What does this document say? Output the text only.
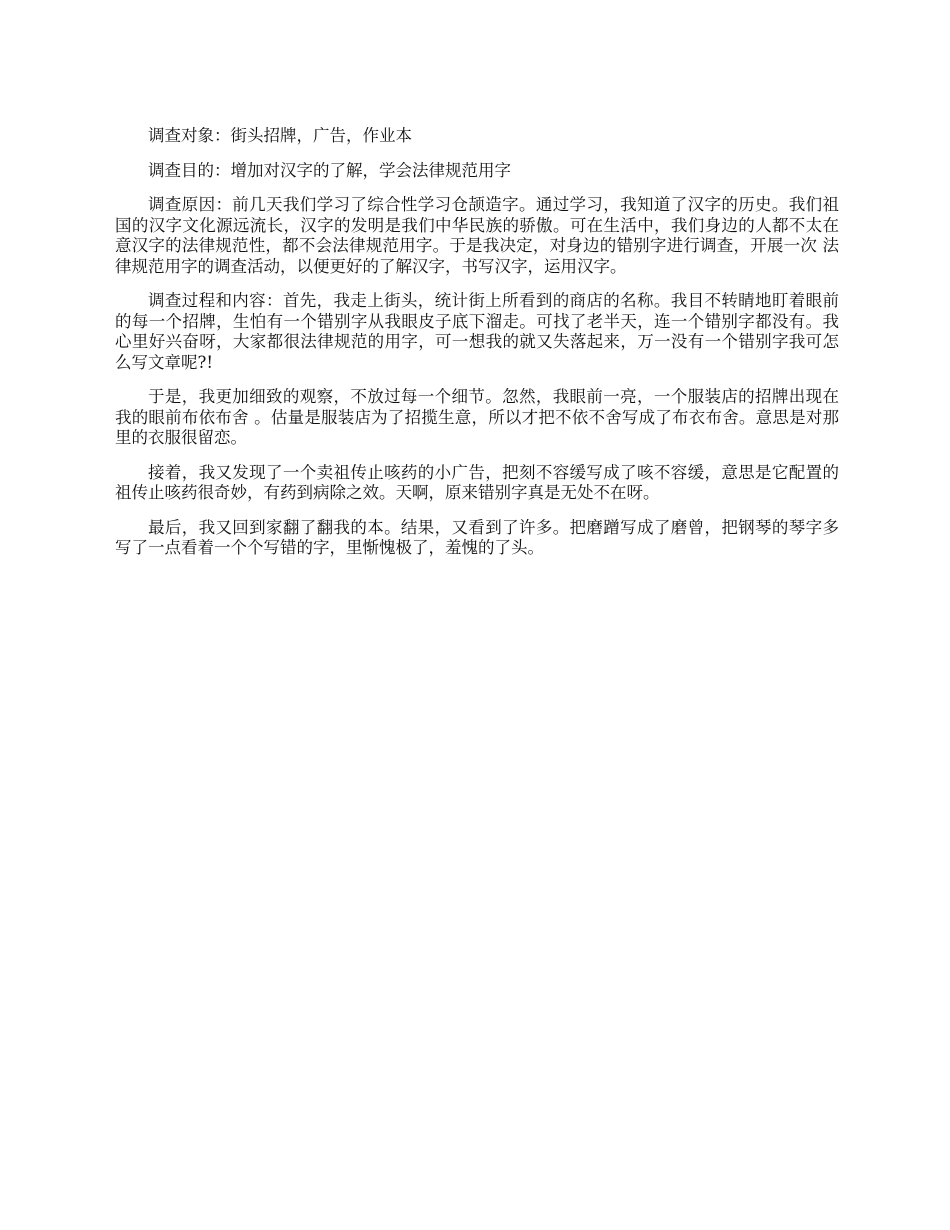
调查对象：街头招牌，广告，作业本

调查目的：增加对汉字的了解，学会法律规范用字

调查原因：前几天我们学习了综合性学习仓颉造字。通过学习，我知道了汉字的历史。我们祖国的汉字文化源远流长，汉字的发明是我们中华民族的骄傲。可在生活中，我们身边的人都不太在意汉字的法律规范性，都不会法律规范用字。于是我决定，对身边的错别字进行调查，开展一次 法律规范用字的调查活动，以便更好的了解汉字，书写汉字，运用汉字。

调查过程和内容：首先，我走上街头，统计街上所看到的商店的名称。我目不转睛地盯着眼前的每一个招牌，生怕有一个错别字从我眼皮子底下溜走。可找了老半天，连一个错别字都没有。我心里好兴奋呀，大家都很法律规范的用字，可一想我的就又失落起来，万一没有一个错别字我可怎么写文章呢?!

于是，我更加细致的观察，不放过每一个细节。忽然，我眼前一亮，一个服装店的招牌出现在我的眼前布依布舍 。估量是服装店为了招揽生意，所以才把不依不舍写成了布衣布舍。意思是对那里的衣服很留恋。

接着，我又发现了一个卖祖传止咳药的小广告，把刻不容缓写成了咳不容缓，意思是它配置的祖传止咳药很奇妙，有药到病除之效。天啊，原来错别字真是无处不在呀。

最后，我又回到家翻了翻我的本。结果，又看到了许多。把磨蹭写成了磨曾，把钢琴的琴字多写了一点看着一个个写错的字，里惭愧极了，羞愧的了头。
